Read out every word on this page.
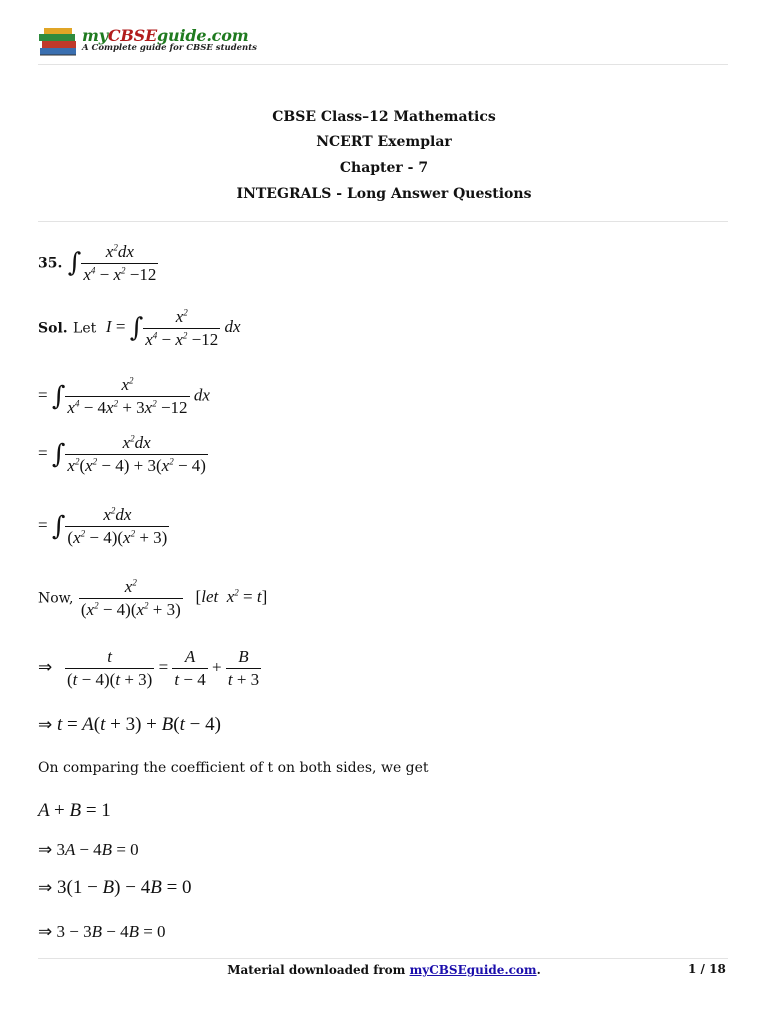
myCBSEguide.com
A Complete guide for CBSE students
CBSE Class–12 Mathematics
NCERT Exemplar
Chapter - 7
INTEGRALS - Long Answer Questions
35. ∫ $\frac{x^2dx}{x^4 - x^2 -12}$
Sol. Let  I = ∫ $\frac{x^2}{x^4 - x^2 -12}$ dx
= ∫ $\frac{x^2}{x^4 - 4x^2 + 3x^2 -12}$ dx
= ∫ $\frac{x^2dx}{x^2(x^2 - 4) + 3(x^2 - 4)}$
= ∫ $\frac{x^2dx}{(x^2 - 4)(x^2 + 3)}$
Now, $\frac{x^2}{(x^2 - 4)(x^2 + 3)} [let$  $x^2 = t$]
⇒ $\frac{t}{(t - 4)(t + 3)} = \frac{A}{t - 4} + \frac{B}{t + 3}$
⇒ t = A(t + 3) + B(t − 4)
On comparing the coefficient of t on both sides, we get
A + B = 1
⇒ 3A − 4B = 0
⇒ 3(1 − B) − 4B = 0
⇒ 3 − 3B − 4B = 0
Material downloaded from myCBSEguide.com.	1 / 18
